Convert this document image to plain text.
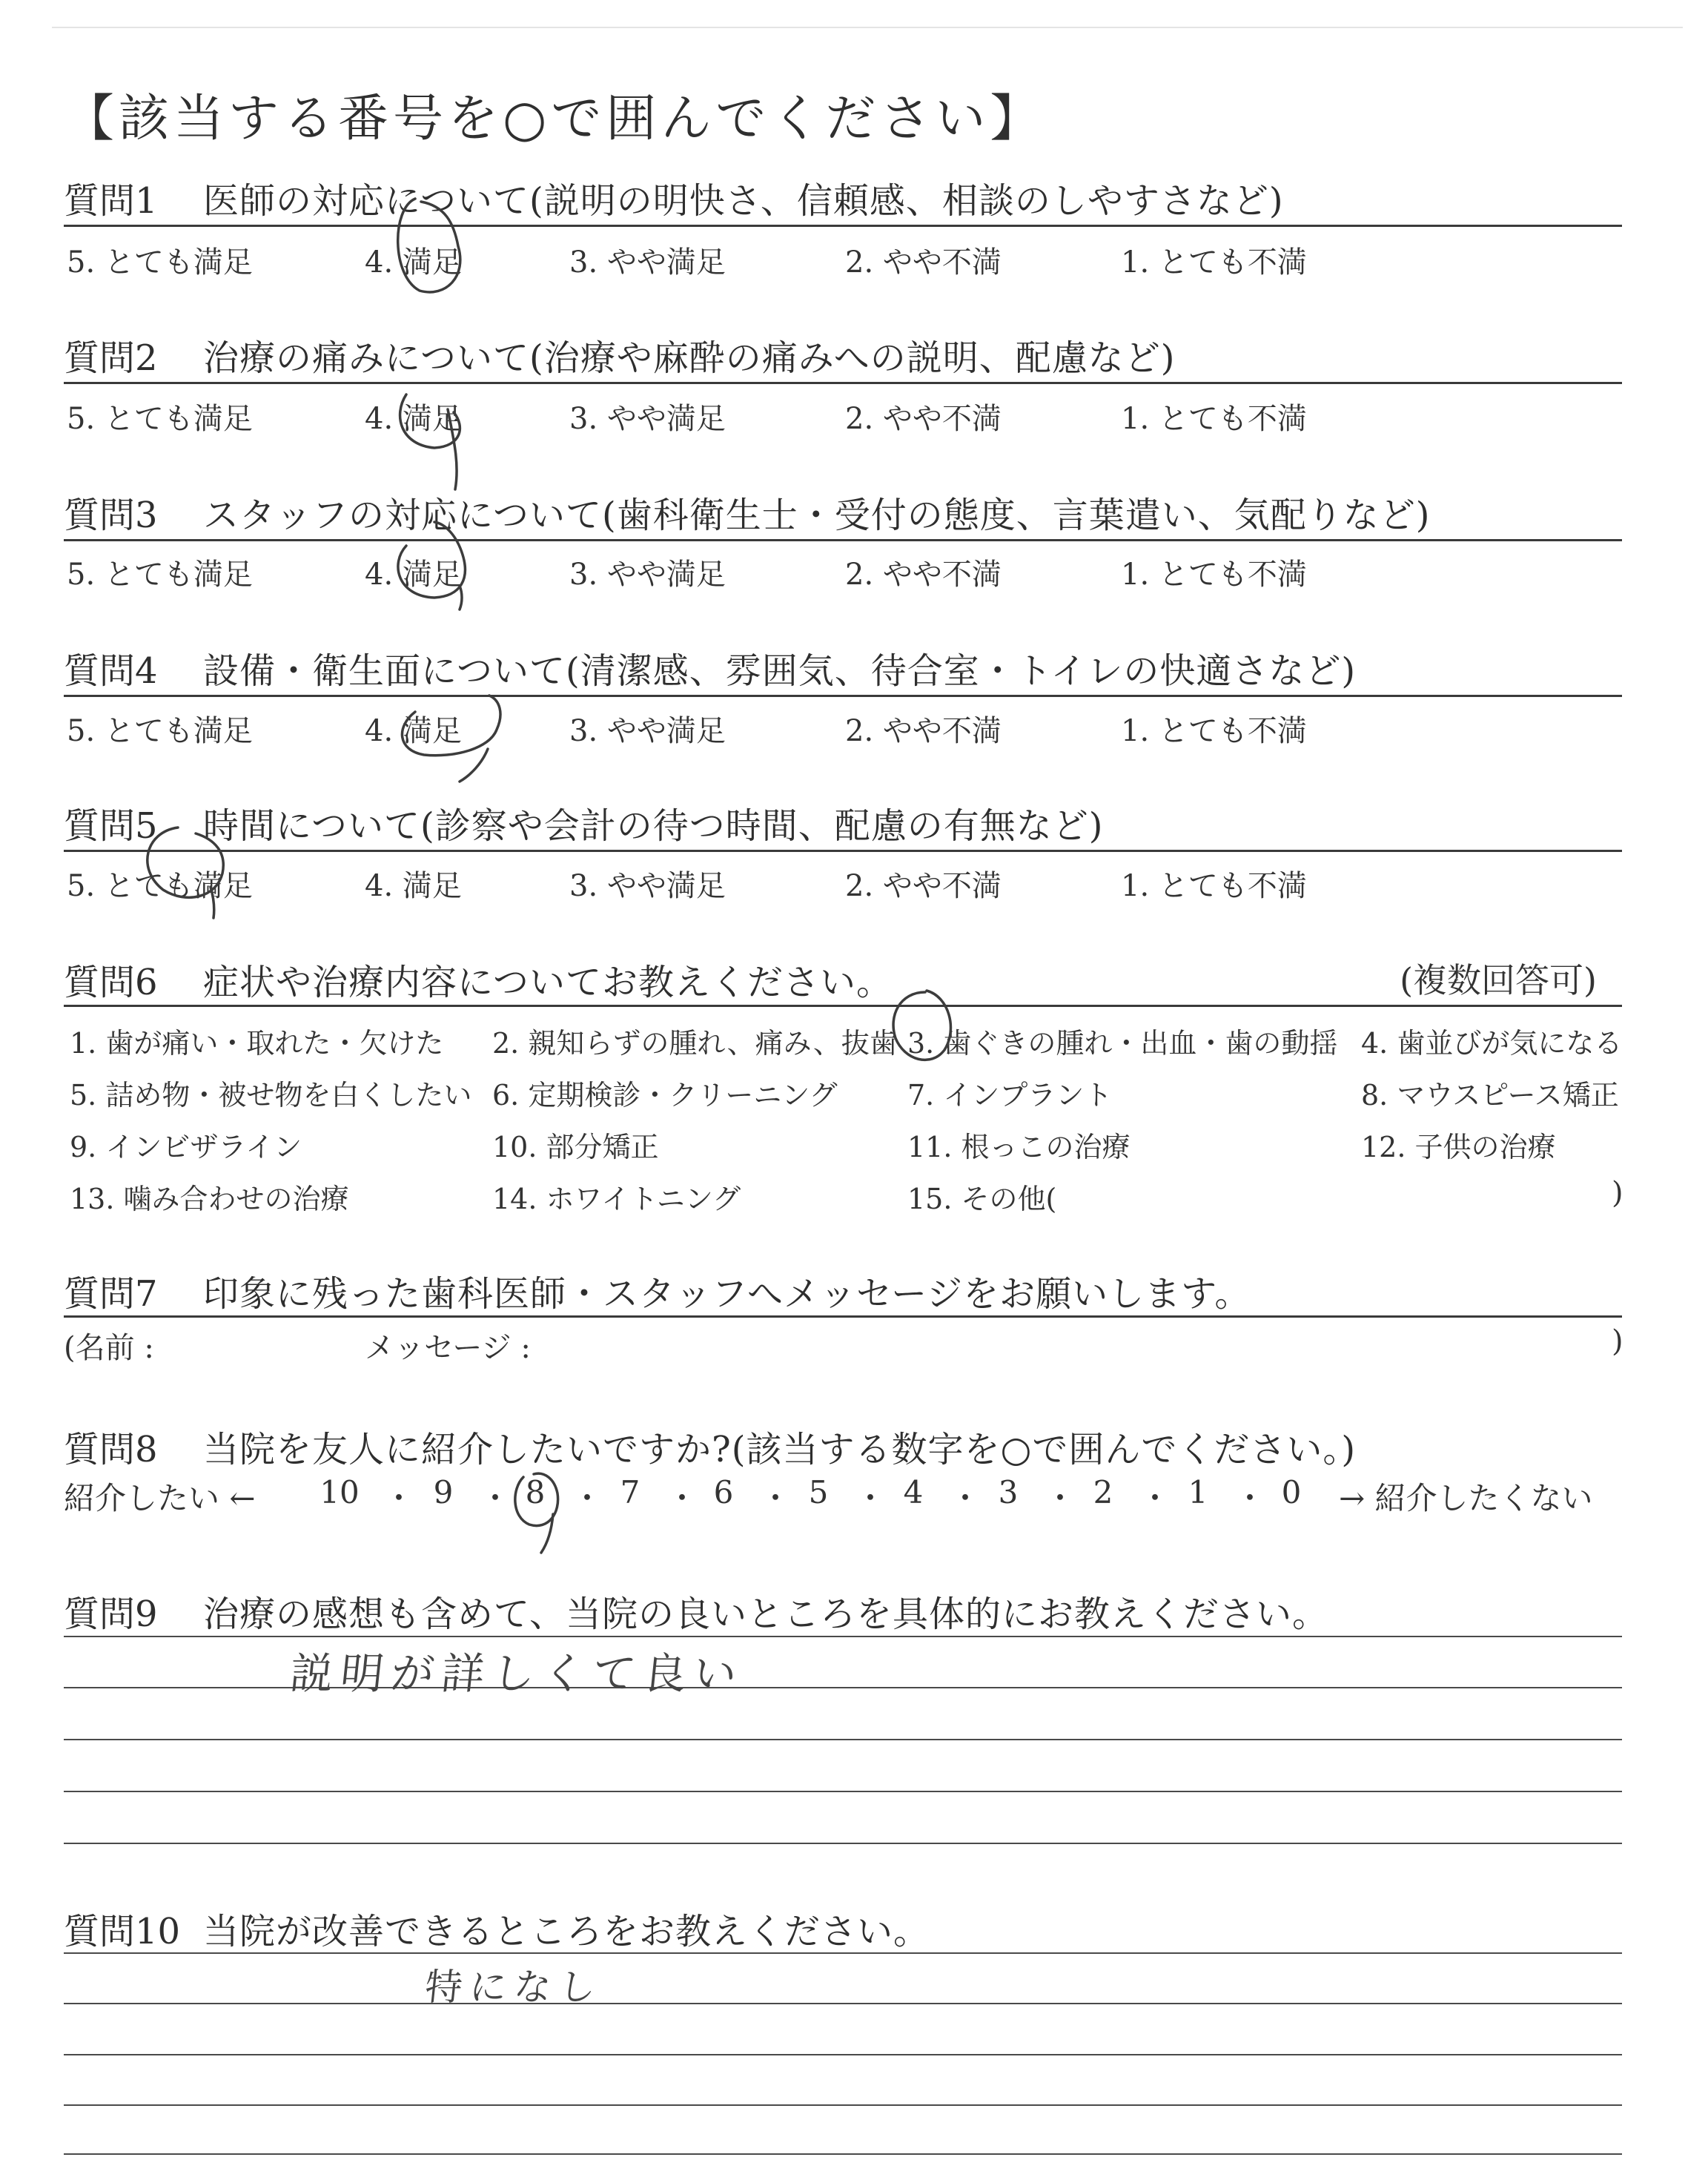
【該当する番号を○で囲んでください】
質問1 医師の対応について(説明の明快さ、信頼感、相談のしやすさなど)
5. とても満足	4. 満足	3. やや満足	2. やや不満	1. とても不満
質問2 治療の痛みについて(治療や麻酔の痛みへの説明、配慮など)
5. とても満足	4. 満足	3. やや満足	2. やや不満	1. とても不満
質問3 スタッフの対応について(歯科衛生士・受付の態度、言葉遣い、気配りなど)
5. とても満足	4. 満足	3. やや満足	2. やや不満	1. とても不満
質問4 設備・衛生面について(清潔感、雰囲気、待合室・トイレの快適さなど)
5. とても満足	4. 満足	3. やや満足	2. やや不満	1. とても不満
質問5 時間について(診察や会計の待つ時間、配慮の有無など)
5. とても満足	4. 満足	3. やや満足	2. やや不満	1. とても不満
質問6 症状や治療内容についてお教えください。	(複数回答可)
1. 歯が痛い・取れた・欠けた 2. 親知らずの腫れ、痛み、抜歯 3. 歯ぐきの腫れ・出血・歯の動揺 4. 歯並びが気になる
5. 詰め物・被せ物を白くしたい 6. 定期検診・クリーニング 7. インプラント	8. マウスピース矯正
9. インビザライン	10. 部分矯正	11. 根っこの治療	12. 子供の治療
13. 噛み合わせの治療	14. ホワイトニング	15. その他(	)
質問7 印象に残った歯科医師・スタッフへメッセージをお願いします。
(名前 :	メッセージ :	)
質問8 当院を友人に紹介したいですか?(該当する数字を○で囲んでください。)
紹介したい ←	→ 紹介したくない
10 ・ 9 ・ 8 ・ 7 ・ 6 ・ 5 ・ 4 ・ 3 ・ 2 ・ 1 ・ 0
質問9 治療の感想も含めて、当院の良いところを具体的にお教えください。
説明が詳しくて良い
質問10 当院が改善できるところをお教えください。
特になし
